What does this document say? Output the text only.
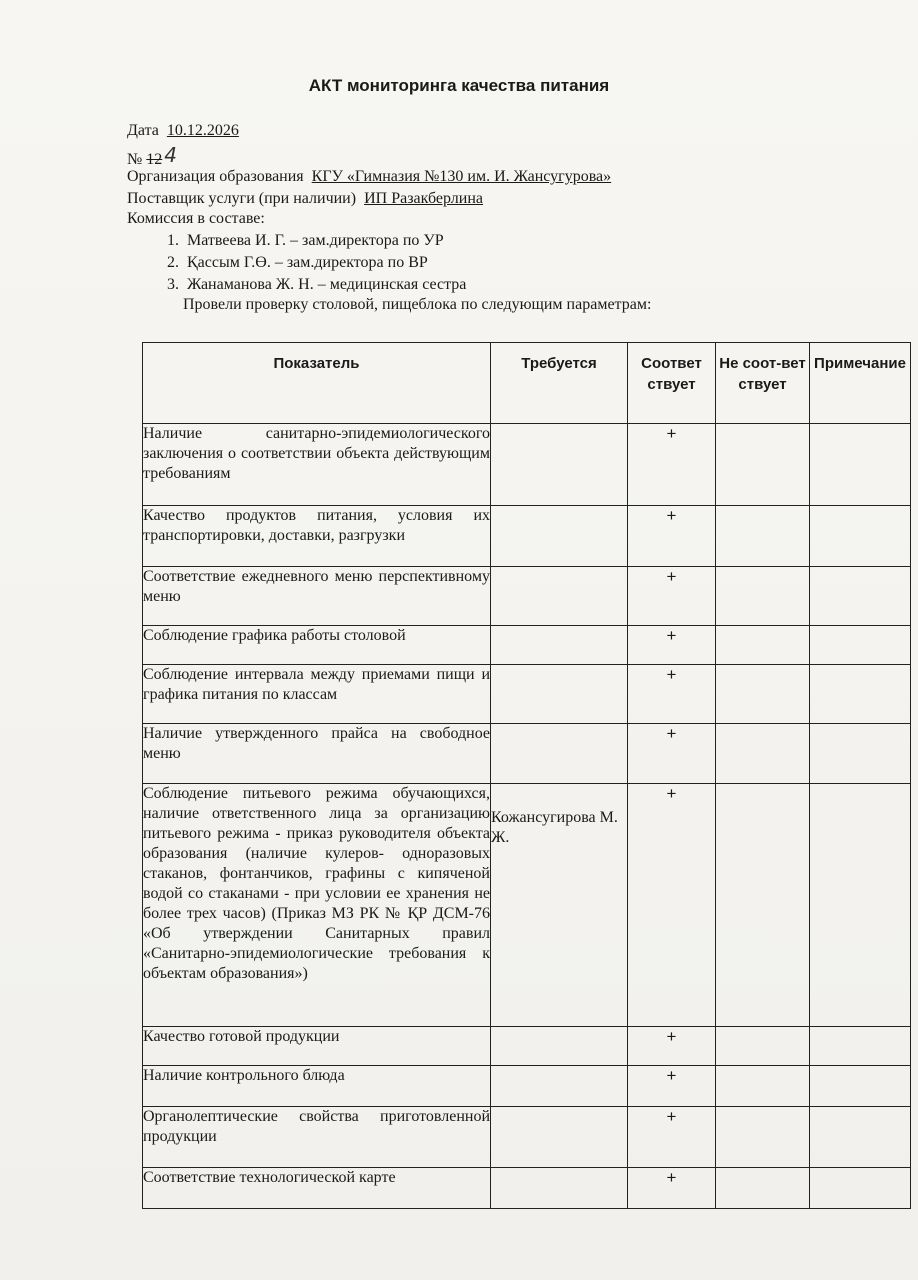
АКТ мониторинга качества питания
Дата 10.12.2026
№ 12 4
Организация образования КГУ «Гимназия №130 им. И. Жансугурова»
Поставщик услуги (при наличии) ИП Разакберлина
Комиссия в составе:
1. Матвеева И. Г. – зам.директора по УР
2. Қассым Г.Ө. – зам.директора по ВР
3. Жанаманова Ж. Н. – медицинская сестра
Провели проверку столовой, пищеблока по следующим параметрам:
Показатель	Требуется	Соответ ствует	Не соот-ветствует	Примечание
Наличие санитарно-эпидемиологического заключения о соответствии объекта действующим требованиям		+		
Качество продуктов питания, условия их транспортировки, доставки, разгрузки		+		
Соответствие ежедневного меню перспективному меню		+		
Соблюдение графика работы столовой		+		
Соблюдение интервала между приемами пищи и графика питания по классам		+		
Наличие утвержденного прайса на свободное меню		+		
Соблюдение питьевого режима обучающихся, наличие ответственного лица за организацию питьевого режима - приказ руководителя объекта образования (наличие кулеров- одноразовых стаканов, фонтанчиков, графины с кипяченой водой со стаканами - при условии ее хранения не более трех часов) (Приказ МЗ РК № ҚР ДСМ-76 «Об утверждении Санитарных правил «Санитарно-эпидемиологические требования к объектам образования»)	Кожансугирова М. Ж.	+		
Качество готовой продукции		+		
Наличие контрольного блюда		+		
Органолептические свойства приготовленной продукции		+		
Соответствие технологической карте		+		
